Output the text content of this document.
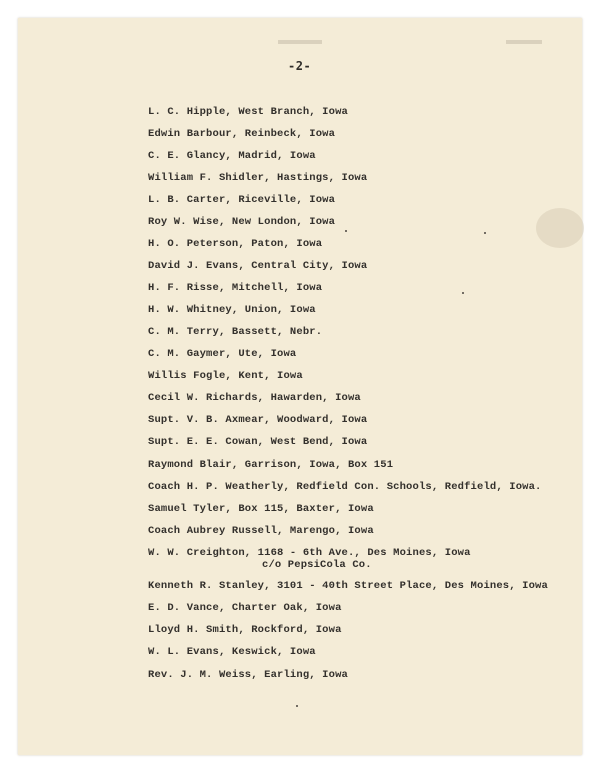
-2-
L. C. Hipple, West Branch, Iowa
Edwin Barbour, Reinbeck, Iowa
C. E. Glancy, Madrid, Iowa
William F. Shidler, Hastings, Iowa
L. B. Carter, Riceville, Iowa
Roy W. Wise, New London, Iowa
H. O. Peterson, Paton, Iowa
David J. Evans, Central City, Iowa
H. F. Risse, Mitchell, Iowa
H. W. Whitney, Union, Iowa
C. M. Terry, Bassett, Nebr.
C. M. Gaymer, Ute, Iowa
Willis Fogle, Kent, Iowa
Cecil W. Richards, Hawarden, Iowa
Supt. V. B. Axmear, Woodward, Iowa
Supt. E. E. Cowan, West Bend, Iowa
Raymond Blair, Garrison, Iowa, Box 151
Coach H. P. Weatherly, Redfield Con. Schools, Redfield, Iowa.
Samuel Tyler, Box 115, Baxter, Iowa
Coach Aubrey Russell, Marengo, Iowa
W. W. Creighton, 1168 - 6th Ave., Des Moines, Iowa
c/o PepsiCola Co.
Kenneth R. Stanley, 3101 - 40th Street Place, Des Moines, Iowa
E. D. Vance, Charter Oak, Iowa
Lloyd H. Smith, Rockford, Iowa
W. L. Evans, Keswick, Iowa
Rev. J. M. Weiss, Earling, Iowa
